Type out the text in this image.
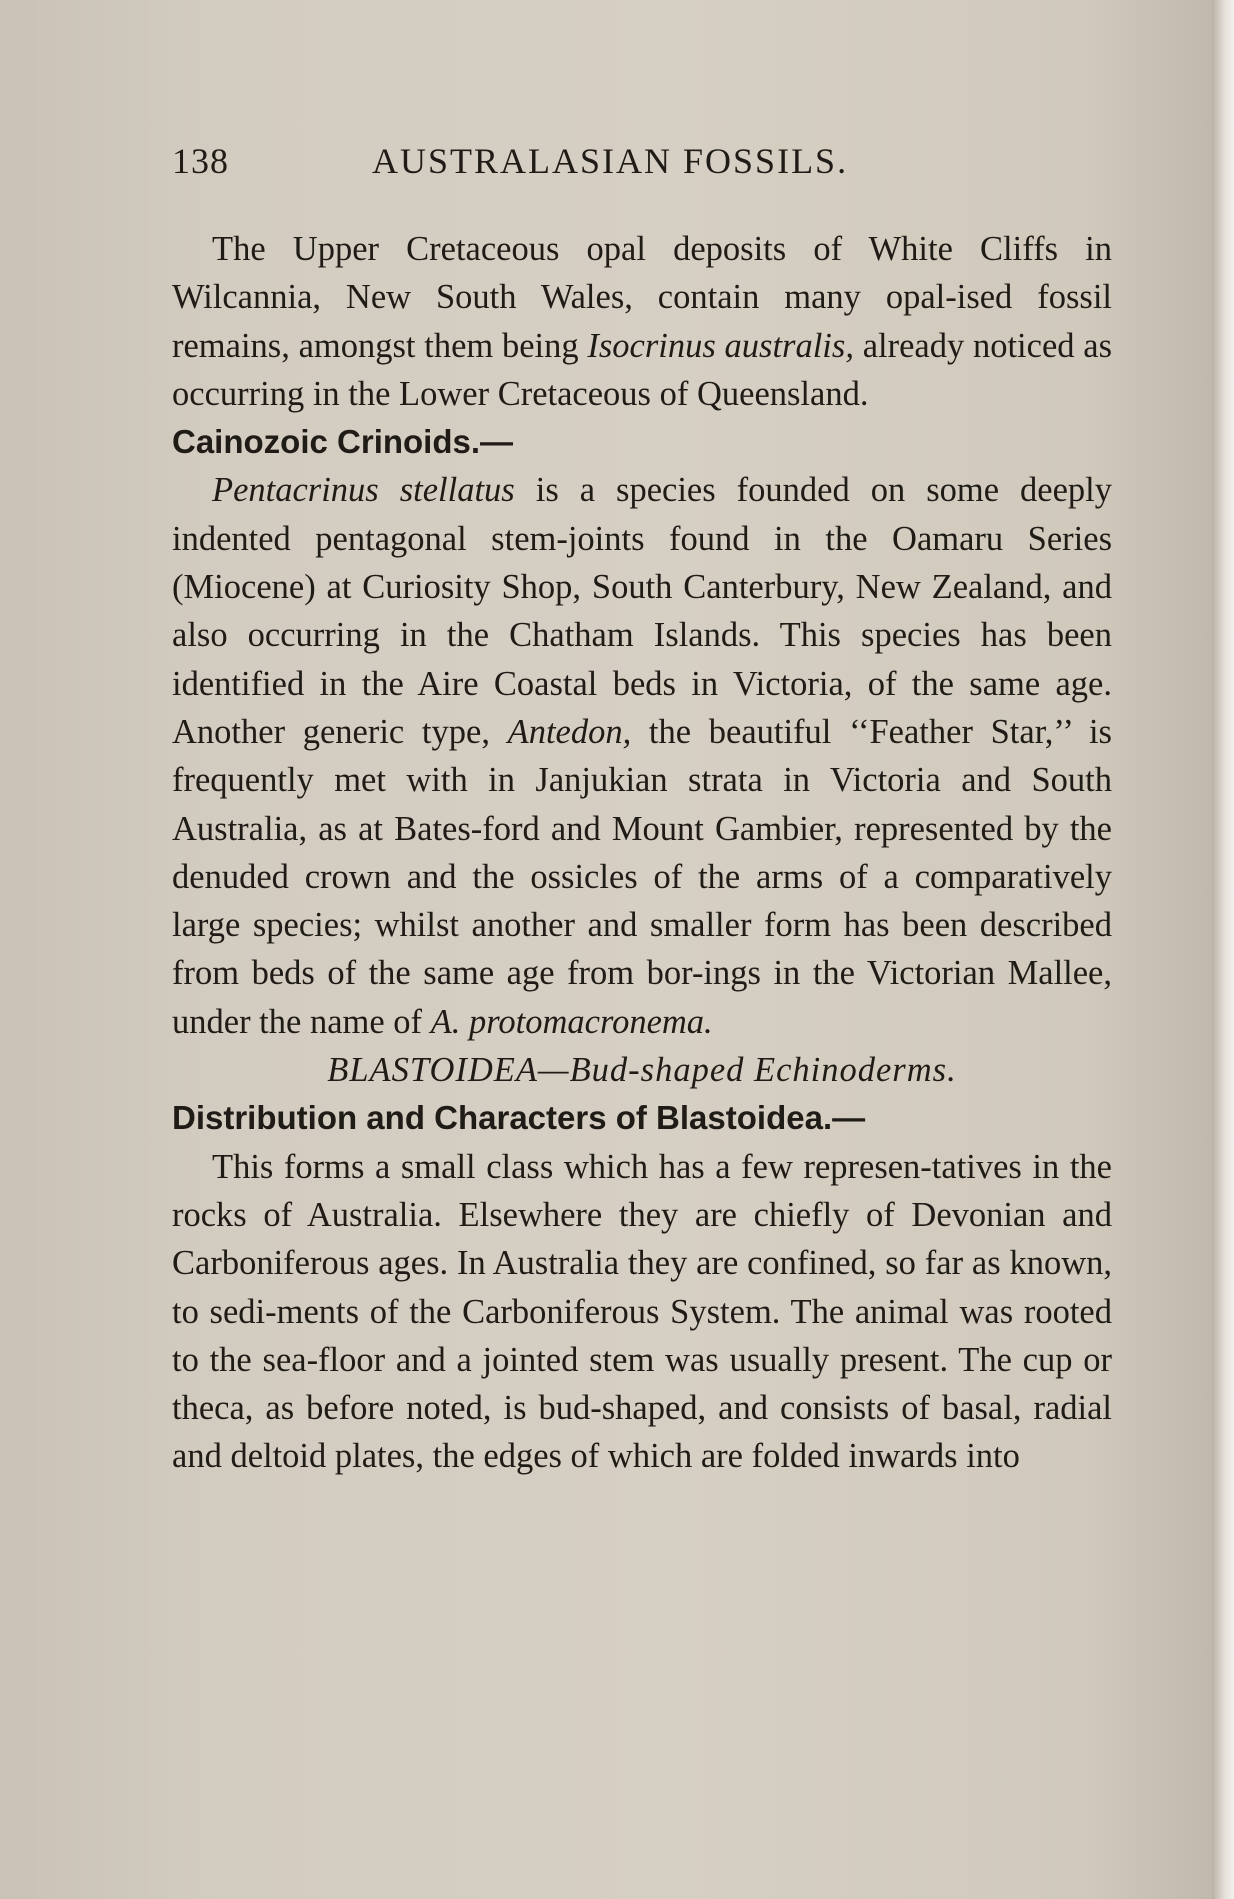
138	AUSTRALASIAN FOSSILS.

The Upper Cretaceous opal deposits of White Cliffs in Wilcannia, New South Wales, contain many opal-ised fossil remains, amongst them being Isocrinus australis, already noticed as occurring in the Lower Cretaceous of Queensland.

Cainozoic Crinoids.—

Pentacrinus stellatus is a species founded on some deeply indented pentagonal stem-joints found in the Oamaru Series (Miocene) at Curiosity Shop, South Canterbury, New Zealand, and also occurring in the Chatham Islands. This species has been identified in the Aire Coastal beds in Victoria, of the same age. Another generic type, Antedon, the beautiful ‘‘Feather Star,’’ is frequently met with in Janjukian strata in Victoria and South Australia, as at Bates-ford and Mount Gambier, represented by the denuded crown and the ossicles of the arms of a comparatively large species; whilst another and smaller form has been described from beds of the same age from bor-ings in the Victorian Mallee, under the name of A. protomacronema.

BLASTOIDEA—Bud-shaped Echinoderms.

Distribution and Characters of Blastoidea.—

This forms a small class which has a few represen-tatives in the rocks of Australia. Elsewhere they are chiefly of Devonian and Carboniferous ages. In Australia they are confined, so far as known, to sedi-ments of the Carboniferous System. The animal was rooted to the sea-floor and a jointed stem was usually present. The cup or theca, as before noted, is bud-shaped, and consists of basal, radial and deltoid plates, the edges of which are folded inwards into
